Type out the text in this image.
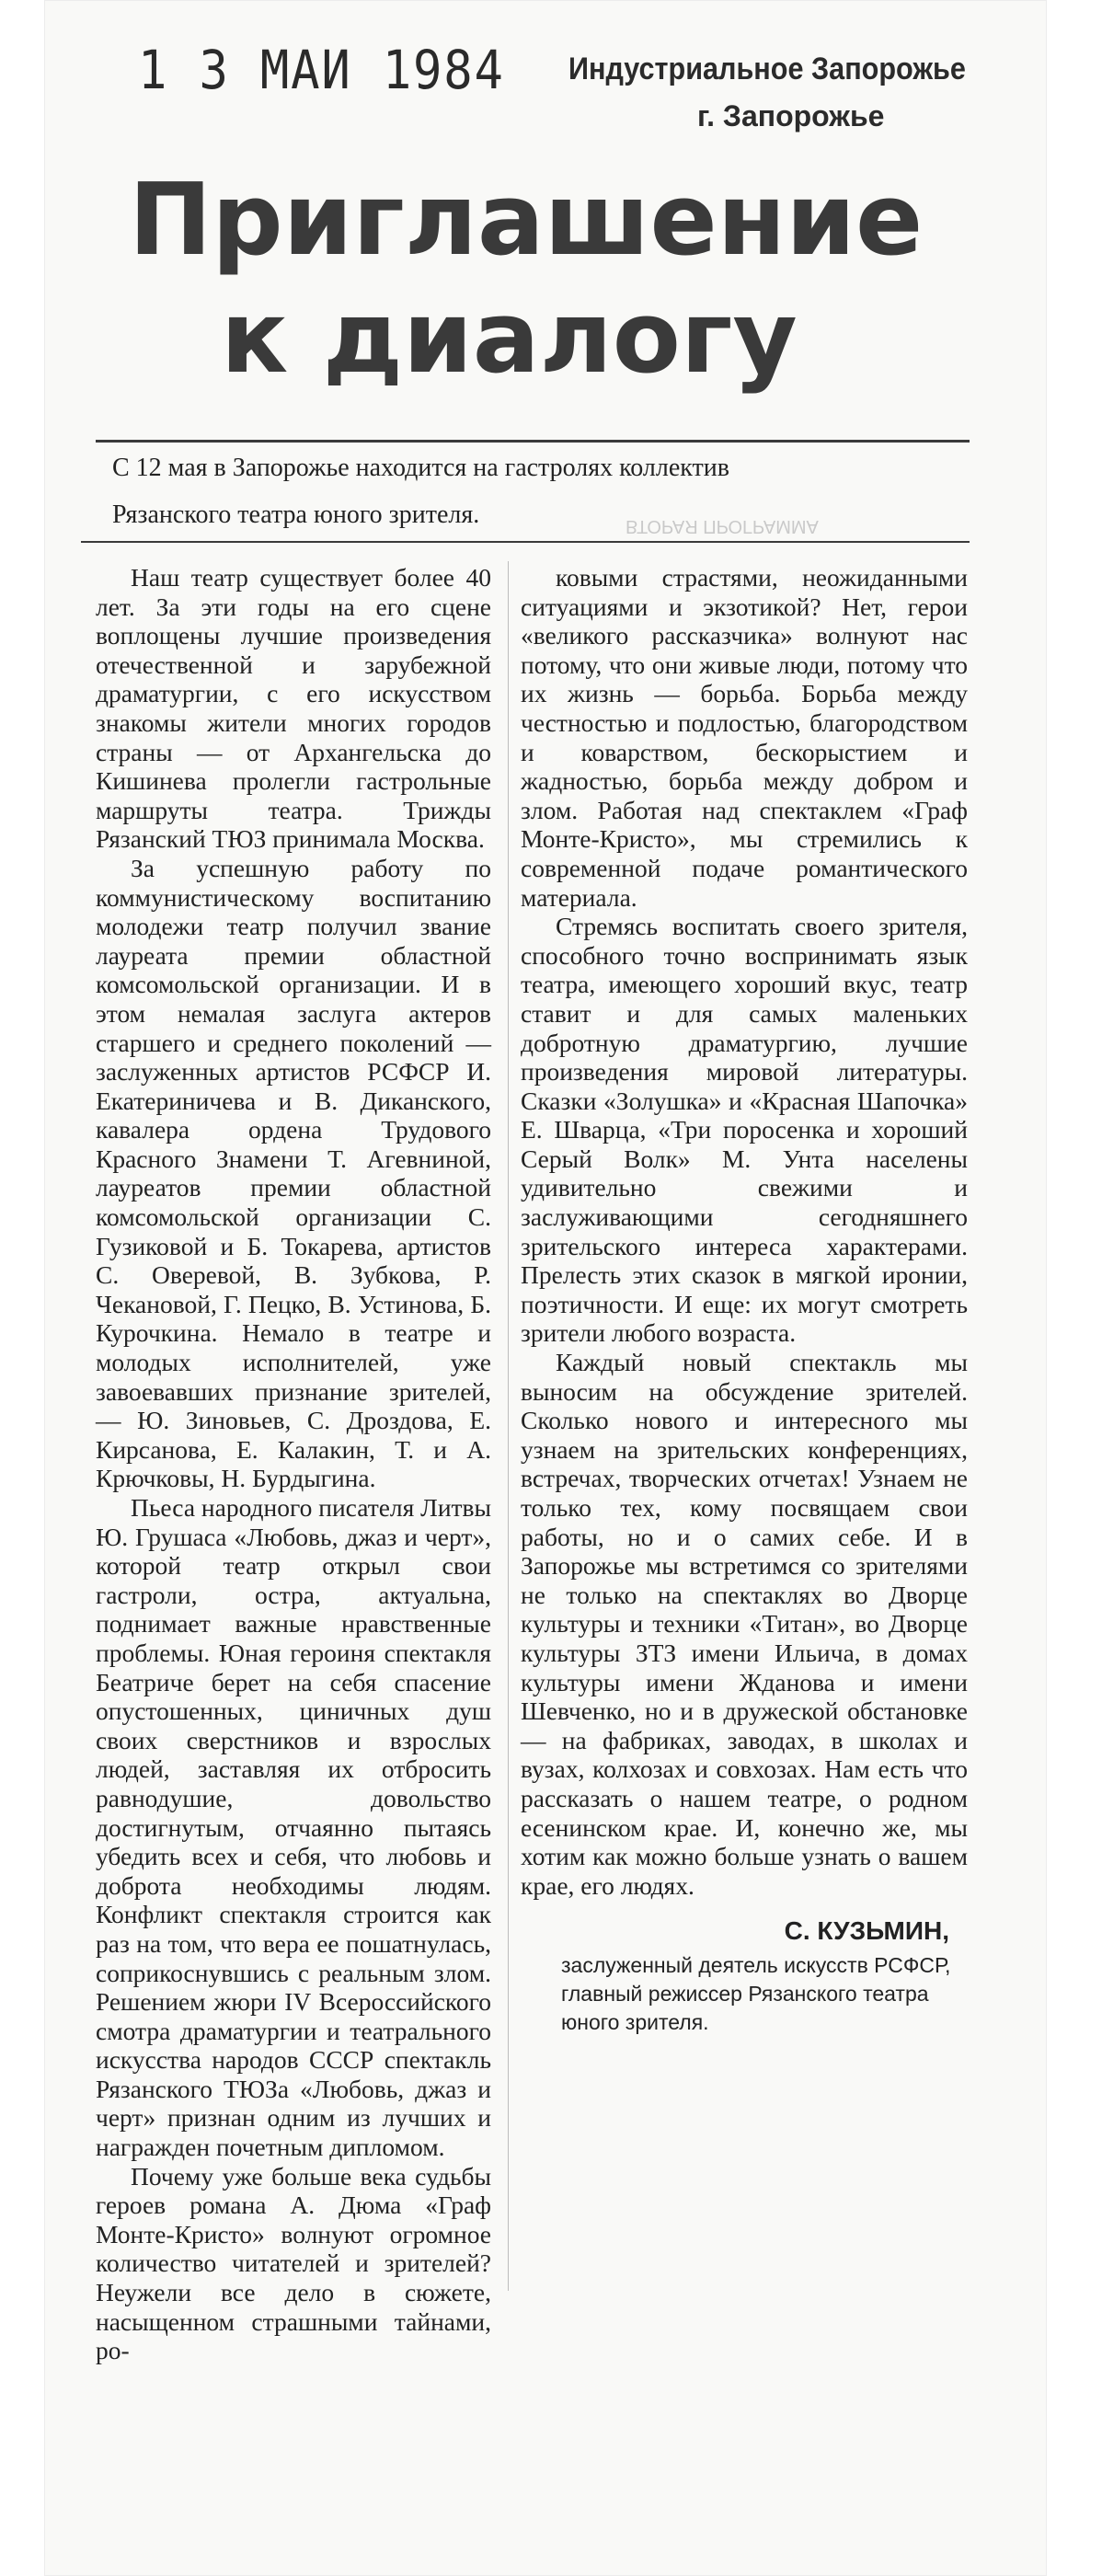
1 3 МАИ 1984 Индустриальное Запорожье
г. Запорожье
Приглашение
к диалогу
С 12 мая в Запорожье находится на гастролях коллектив
Рязанского театра юного зрителя.	ВТОРАЯ ПРОГРАММА

Наш театр существует более 40 лет. За эти годы на его сцене воплощены лучшие произведения отечественной и зарубежной драматургии, с его искусством знакомы жители многих городов страны — от Архангельска до Кишинева пролегли гастрольные маршруты театра. Трижды Рязанский ТЮЗ принимала Москва.

За успешную работу по коммунистическому воспитанию молодежи театр получил звание лауреата премии областной комсомольской организации. И в этом немалая заслуга актеров старшего и среднего поколений — заслуженных артистов РСФСР И. Екатериничева и В. Диканского, кавалера ордена Трудового Красного Знамени Т. Агевниной, лауреатов премии областной комсомольской организации С. Гузиковой и Б. Токарева, артистов С. Оверевой, В. Зубкова, Р. Чекановой, Г. Пецко, В. Устинова, Б. Курочкина. Немало в театре и молодых исполнителей, уже завоевавших признание зрителей, — Ю. Зиновьев, С. Дроздова, Е. Кирсанова, Е. Калакин, Т. и А. Крючковы, Н. Бурдыгина.

Пьеса народного писателя Литвы Ю. Грушаса «Любовь, джаз и черт», которой театр открыл свои гастроли, остра, актуальна, поднимает важные нравственные проблемы. Юная героиня спектакля Беатриче берет на себя спасение опустошенных, циничных душ своих сверстников и взрослых людей, заставляя их отбросить равнодушие, довольство достигнутым, отчаянно пытаясь убедить всех и себя, что любовь и доброта необходимы людям. Конфликт спектакля строится как раз на том, что вера ее пошатнулась, соприкоснувшись с реальным злом. Решением жюри IV Всероссийского смотра драматургии и театрального искусства народов СССР спектакль Рязанского ТЮЗа «Любовь, джаз и черт» признан одним из лучших и награжден почетным дипломом.

Почему уже больше века судьбы героев романа А. Дюма «Граф Монте-Кристо» волнуют огромное количество читателей и зрителей? Неужели все дело в сюжете, насыщенном страшными тайнами, ро-

ковыми страстями, неожиданными ситуациями и экзотикой? Нет, герои «великого рассказчика» волнуют нас потому, что они живые люди, потому что их жизнь — борьба. Борьба между честностью и подлостью, благородством и коварством, бескорыстием и жадностью, борьба между добром и злом. Работая над спектаклем «Граф Монте-Кристо», мы стремились к современной подаче романтического материала.

Стремясь воспитать своего зрителя, способного точно воспринимать язык театра, имеющего хороший вкус, театр ставит и для самых маленьких добротную драматургию, лучшие произведения мировой литературы. Сказки «Золушка» и «Красная Шапочка» Е. Шварца, «Три поросенка и хороший Серый Волк» М. Унта населены удивительно свежими и заслуживающими сегодняшнего зрительского интереса характерами. Прелесть этих сказок в мягкой иронии, поэтичности. И еще: их могут смотреть зрители любого возраста.

Каждый новый спектакль мы выносим на обсуждение зрителей. Сколько нового и интересного мы узнаем на зрительских конференциях, встречах, творческих отчетах! Узнаем не только тех, кому посвящаем свои работы, но и о самих себе. И в Запорожье мы встретимся со зрителями не только на спектаклях во Дворце культуры и техники «Титан», во Дворце культуры ЗТЗ имени Ильича, в домах культуры имени Жданова и имени Шевченко, но и в дружеской обстановке — на фабриках, заводах, в школах и вузах, колхозах и совхозах. Нам есть что рассказать о нашем театре, о родном есенинском крае. И, конечно же, мы хотим как можно больше узнать о вашем крае, его людях.

С. КУЗЬМИН,
заслуженный деятель искусств РСФСР, главный режиссер Рязанского театра юного зрителя.
